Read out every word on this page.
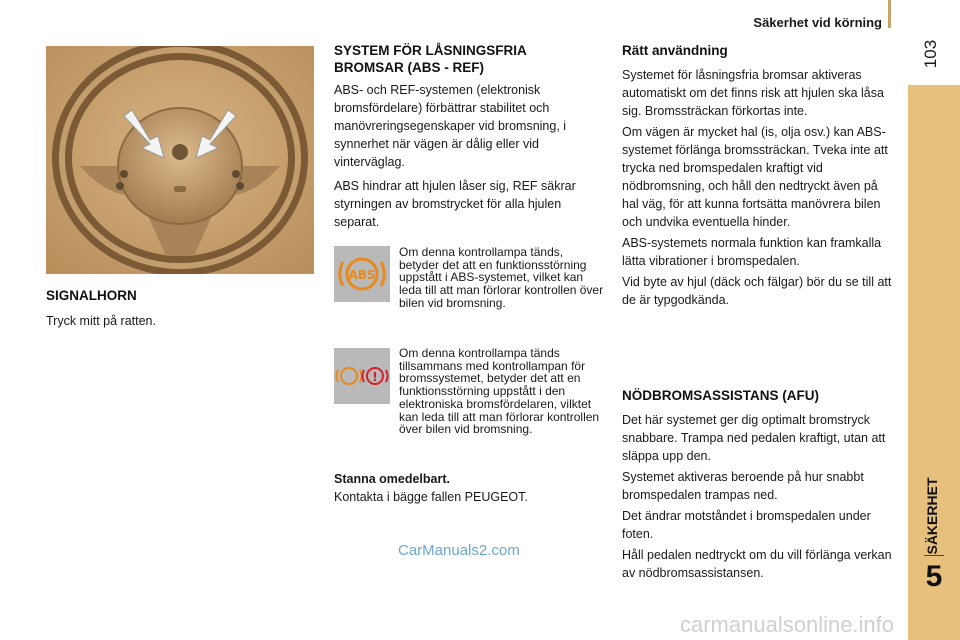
Säkerhet vid körning
103
SÄKERHET
5
SIGNALHORN

Tryck mitt på ratten.

SYSTEM FÖR LÅSNINGSFRIA BROMSAR (ABS - REF)

ABS- och REF-systemen (elektronisk bromsfördelare) förbättrar stabilitet och manövreringsegenskaper vid bromsning, i synnerhet när vägen är dålig eller vid vinterväglag.

ABS hindrar att hjulen låser sig, REF säkrar styrningen av bromstrycket för alla hjulen separat.

ABS
Om denna kontrollampa tänds, betyder det att en funktionsstörning uppstått i ABS-systemet, vilket kan leda till att man förlorar kontrollen över bilen vid bromsning.
!
Om denna kontrollampa tänds tillsammans med kontrollampan för bromssystemet, betyder det att en funktionsstörning uppstått i den elektroniska bromsfördelaren, vilktet kan leda till att man förlorar kontrollen över bilen vid bromsning.
Stanna omedelbart.

Kontakta i bägge fallen PEUGEOT.

Rätt användning

Systemet för låsningsfria bromsar aktiveras automatiskt om det finns risk att hjulen ska låsa sig. Bromssträckan förkortas inte.

Om vägen är mycket hal (is, olja osv.) kan ABS-systemet förlänga bromssträckan. Tveka inte att trycka ned bromspedalen kraftigt vid nödbromsning, och håll den nedtryckt även på hal väg, för att kunna fortsätta manövrera bilen och undvika eventuella hinder.

ABS-systemets normala funktion kan framkalla lätta vibrationer i bromspedalen.

Vid byte av hjul (däck och fälgar) bör du se till att de är typgodkända.

NÖDBROMSASSISTANS (AFU)

Det här systemet ger dig optimalt bromstryck snabbare. Trampa ned pedalen kraftigt, utan att släppa upp den.

Systemet aktiveras beroende på hur snabbt bromspedalen trampas ned.

Det ändrar motståndet i bromspedalen under foten.

Håll pedalen nedtryckt om du vill förlänga verkan av nödbromsassistansen.

CarManuals2.com
carmanualsonline.info
